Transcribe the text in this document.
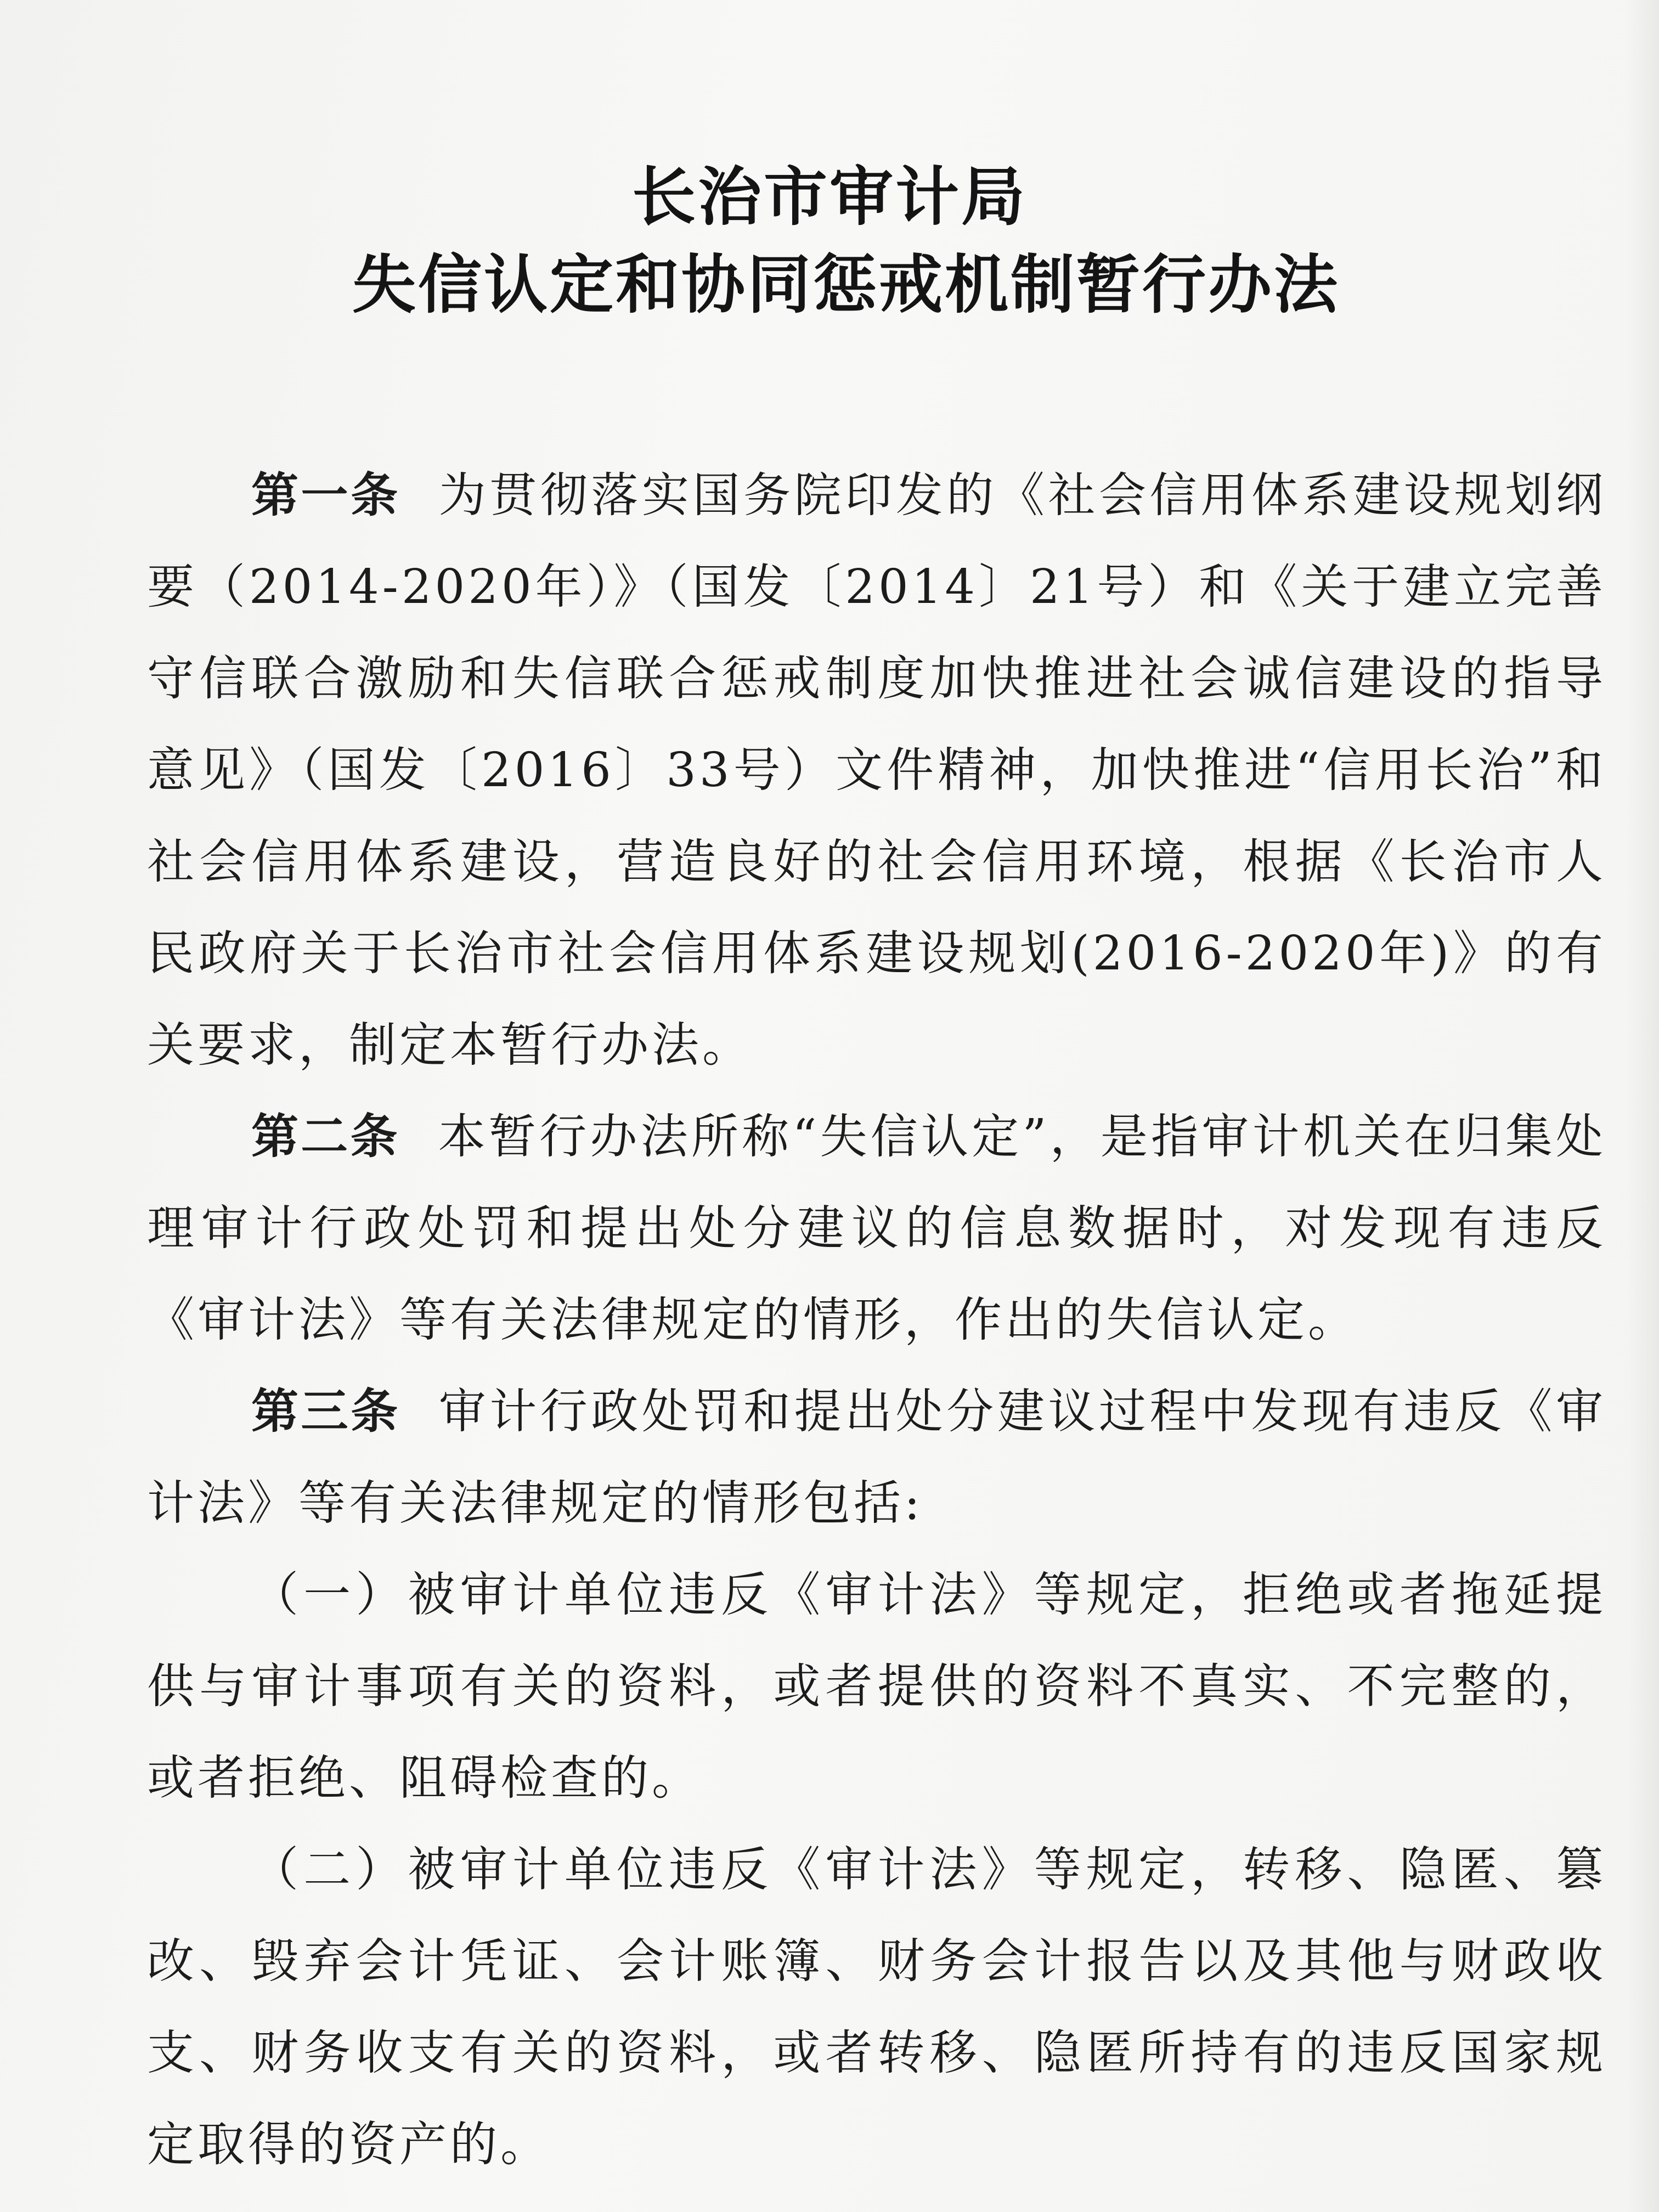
长治市审计局
失信认定和协同惩戒机制暂行办法

第一条 为贯彻落实国务院印发的《社会信用体系建设规划纲要（2014-2020年）》（国发〔2014〕21号）和《关于建立完善守信联合激励和失信联合惩戒制度加快推进社会诚信建设的指导意见》（国发〔2016〕33号）文件精神，加快推进“信用长治”和社会信用体系建设，营造良好的社会信用环境，根据《长治市人民政府关于长治市社会信用体系建设规划(2016-2020年)》的有关要求，制定本暂行办法。

第二条 本暂行办法所称“失信认定”，是指审计机关在归集处理审计行政处罚和提出处分建议的信息数据时，对发现有违反《审计法》等有关法律规定的情形，作出的失信认定。

第三条 审计行政处罚和提出处分建议过程中发现有违反《审计法》等有关法律规定的情形包括:

（一）被审计单位违反《审计法》等规定，拒绝或者拖延提供与审计事项有关的资料，或者提供的资料不真实、不完整的，或者拒绝、阻碍检查的。

（二）被审计单位违反《审计法》等规定，转移、隐匿、篡改、毁弃会计凭证、会计账簿、财务会计报告以及其他与财政收支、财务收支有关的资料，或者转移、隐匿所持有的违反国家规定取得的资产的。
